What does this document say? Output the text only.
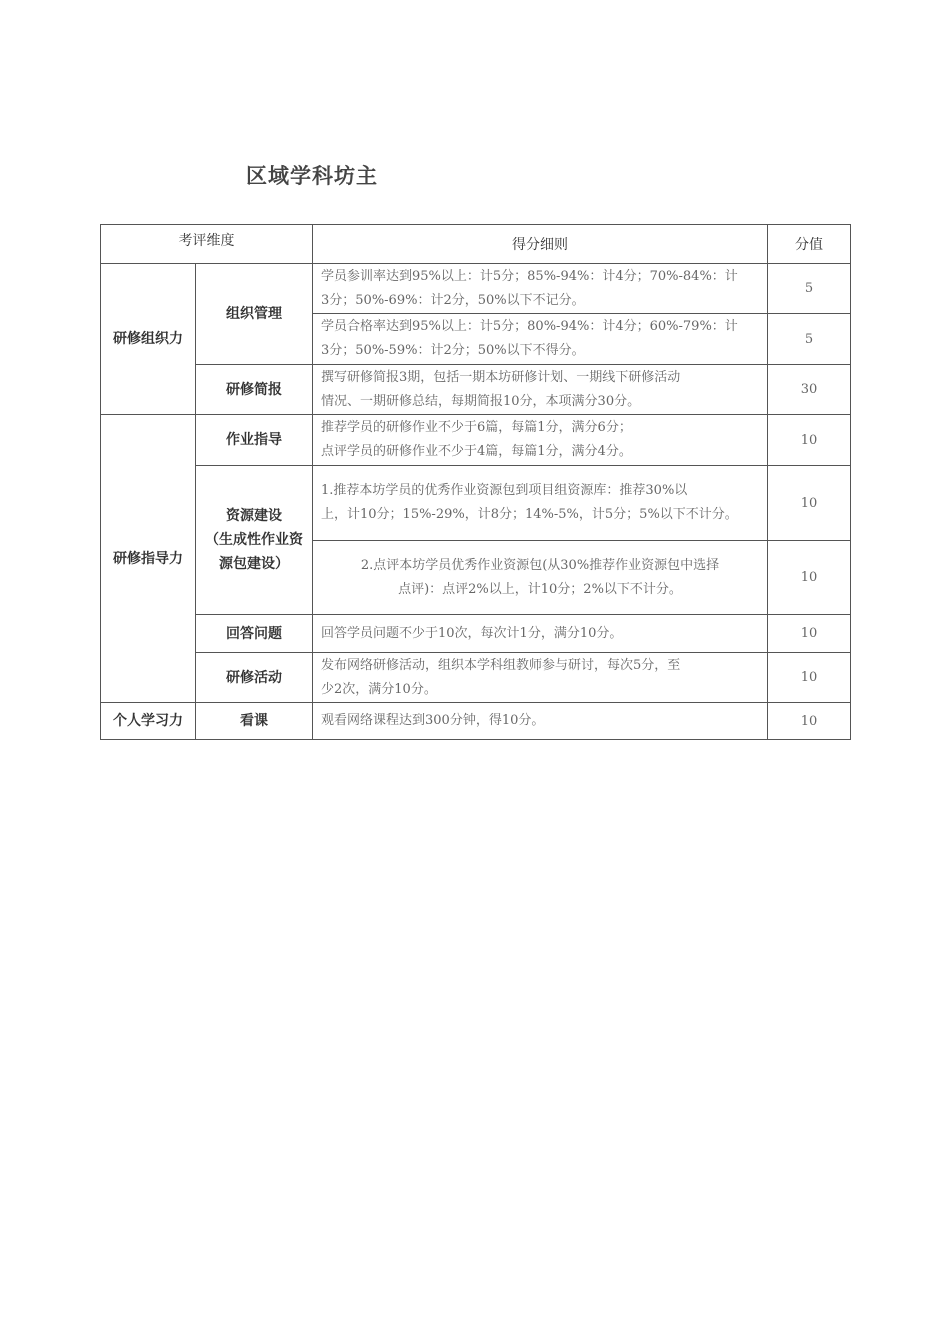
区域学科坊主
考评维度		得分细则	分值
研修组织力	组织管理	学员参训率达到95%以上：计5分；85%-94%：计4分；70%-84%：计
3分；50%-69%：计2分，50%以下不记分。	5

		学员合格率达到95%以上：计5分；80%-94%：计4分；60%-79%：计
3分；50%-59%：计2分；50%以下不得分。	5
	研修简报	撰写研修简报3期，包括一期本坊研修计划、一期线下研修活动
情况、一期研修总结，每期简报10分，本项满分30分。	30
研修指导力	作业指导	推荐学员的研修作业不少于6篇，每篇1分，满分6分；
点评学员的研修作业不少于4篇，每篇1分，满分4分。	10

	资源建设
（生成性作业资
源包建设）	1.推荐本坊学员的优秀作业资源包到项目组资源库：推荐30%以
上，计10分；15%-29%，计8分；14%-5%，计5分；5%以下不计分。	10

		2.点评本坊学员优秀作业资源包(从30%推荐作业资源包中选择
点评)：点评2%以上，计10分；2%以下不计分。	10
	回答问题	回答学员问题不少于10次，每次计1分，满分10分。	10
	研修活动	发布网络研修活动，组织本学科组教师参与研讨，每次5分，至
少2次，满分10分。	10
个人学习力	看课	观看网络课程达到300分钟，得10分。	10
